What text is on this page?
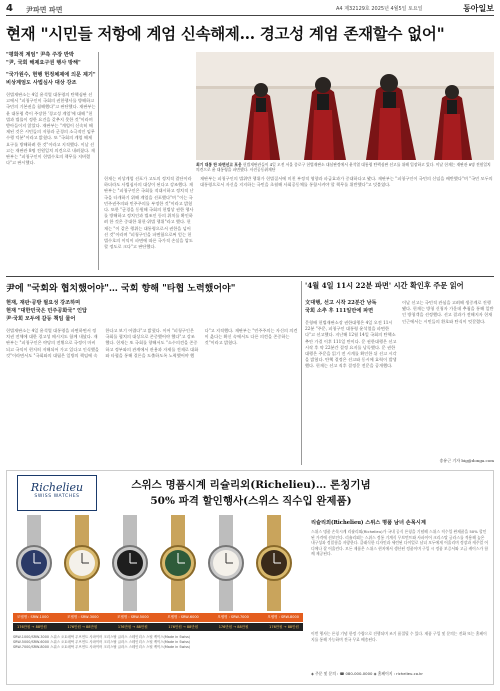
4 尹파면 파면	A4 제32129호 2025년 4월5일 토요일	동아일보
현재 "시민들 저항에 계엄 신속해제… 경고성 계엄 존재할수 없어"
"평화적 계엄" 尹측 주장 반박
"尹, 국회 해제요구권 행사 방해"
"국가원수, 현행 헌정체제에 의문 제기"
비상계엄도 사법심사 대상 강조
헌법재판소는 4일 윤석열 대통령의 탄핵심판 선고에서 "피청구인이 국회의 권한행사를 방해하고 국민의 기본권을 침해했다"고 판단했다. 재판부는 윤 대통령 측이 주장한 '경고성 계엄'에 대해 "헌법과 법률이 정한 요건을 갖추지 못한 것"이라며 받아들이지 않았다. 재판부는 "계엄이 신속히 해제된 것은 시민들의 저항과 군경의 소극적인 임무 수행 덕분"이라고 밝혔다. 또 "국회의 계엄 해제 요구를 방해하려 한 것"이라고 지적했다. 이날 선고는 재판관 8명 전원일치 의견으로 내려졌다. 재판부는 "피청구인이 헌법수호의 책무를 저버렸다"고 판시했다.	최기 대통 탄 파면선고 포옹 헌법재판관들이 4일 오전 서울 종로구 헌법재판소 대심판정에서 윤석열 대통령 탄핵심판 선고를 위해 입장하고 있다. 이날 헌재는 재판관 8명 전원일치 의견으로 윤 대통령을 파면했다. 사진공동취재단
헌재는 비상계엄 선포가 고도의 정치적 결단이라 하더라도 사법심사의 대상이 된다고 강조했다. 재판부는 "피청구인은 국회를 적대시하고 정치적 난국을 타개하기 위해 계엄을 선포했다"며 "이는 국민주권주의와 민주주의를 부정한 것"이라고 밝혔다. 또한 "군경을 동원해 국회의 헌법상 권한 행사를 방해하고 정치인과 법조인 등의 위치를 확인하려 한 것은 중대한 위헌·위법 행위"라고 했다. 헌재는 "이 같은 행위는 대통령으로서 권한을 넘어선 것"이라며 "피청구인을 파면함으로써 얻는 헌법수호의 이익이 파면에 따른 국가적 손실을 압도할 정도로 크다"고 판단했다.
재판부는 피청구인의 법위반 행위가 헌법질서에 미친 부정적 영향과 파급효과가 중대하다고 봤다. 재판부는 "피청구인이 국민의 신임을 배반했다"며 "국민 모두의 대통령으로서 자신을 지지하는 국민을 초월해 사회공동체를 통합시켜야 할 책무를 위반했다"고 덧붙였다.
尹에 "국회와 협치했어야"… 국회 향해 "타협 노력했어야"
현재, 재판·공방 필요성 강조하며
현재 "대한민국은 민주공화국" 인답
尹·국회 모두에 갈등 책임 물어
헌법재판소는 4일 윤석열 대통령을 파면하면서 정치권 전체에 대한 경고성 메시지도 함께 내놨다. 재판부는 "피청구인은 야당의 전횡으로 국정이 마비되고 국익이 현저히 저해되어 가고 있다고 인식했을 것"이라면서도 "국회와의 대립은 일방의 책임에 속한다고 보기 어렵다"고 밝혔다. 이어 "피청구인은 국회를 협치의 대상으로 존중했어야 했다"고 강조했다. 헌재는 또 국회를 향해서도 "소수의견을 존중하고 정부와의 관계에서 관용과 자제를 전제로 대화와 타협을 통해 결론을 도출하도록 노력했어야 했다"고 지적했다. 재판부는 "민주주의는 자신의 의견이 옳다는 확신 속에서도 다른 의견을 존중하는 것"이라고 밝혔다.
'4월 4일 11시 22분 파면' 시간 확인후 주문 읽어
文대행, 선고 시작 22분간 낭독
국회 소추 후 111일만에 파면
문형배 헌법재판소장 권한대행은 4일 오전 11시 22분 "주문, 피청구인 대통령 윤석열을 파면한다"고 선고했다. 지난해 12월 14일 국회의 탄핵소추안 가결 이후 111일 만이다. 문 권한대행은 선고 시작 후 약 22분간 결정 요지를 낭독했다. 문 권한대행은 주문을 읽기 전 시계를 확인한 뒤 선고 시각을 밝혔다. 탄핵 결정은 선고와 동시에 효력이 발생했다. 헌재는 선고 직후 결정문 전문을 공개했다.
이날 선고는 국민적 관심을 고려해 생중계로 진행됐다. 헌재는 방청 신청자 가운데 추첨을 통해 일반인 방청객을 선정했다. 선고 결과가 전해지자 헌재 인근에서는 시민들의 환호와 탄식이 엇갈렸다.
송유근 기자 big@donga.com
스위스 명품시계 리슐리외(Richelieu)… 론칭기념
50% 파격 할인행사(스위스 직수입 완제품)
Richelieu
SWISS WATCHES
모델명 : SRW-1000	모델명 : SRW-3000	모델명 : SRW-5000	모델명 : SRW-6000	모델명 : SRW-7000	모델명 : SRW-8000
176만원 → 88만원	176만원 → 88만원	176만원 → 88만원	176만원 → 88만원	176만원 → 88만원	176만원 → 88만원
SRW-1000/SRW-3000 스위스 오토매틱 무브먼트 사파이어 크리스탈 글라스 스테인리스 스틸 케이스(Made in Swiss)
SRW-5000/SRW-6000 스위스 오토매틱 무브먼트 사파이어 크리스탈 글라스 스테인리스 스틸 케이스(Made in Swiss)
SRW-7000/SRW-8000 스위스 오토매틱 무브먼트 사파이어 크리스탈 글라스 스테인리스 스틸 케이스(Made in Swiss)
리슐리외(Richelieu) 스위스 명품 남녀 손목시계
스위스 명품 손목시계 리슐리외(Richelieu)가 국내 공식 론칭을 기념해 스위스 직수입 완제품을 50% 할인된 가격에 선보인다. 리슐리외는 스위스 정통 기계식 무브먼트와 사파이어 크리스탈 글라스를 적용해 높은 내구성과 정밀함을 자랑한다. 클래식한 디자인과 세련된 다이얼로 남녀 모두에게 어울리며 정장과 캐주얼 어디에나 잘 어울린다. 모든 제품은 스위스 현지에서 생산된 정품이며 구입 시 정품 보증서와 고급 케이스가 함께 제공된다.
이번 행사는 론칭 기념 한정 수량으로 진행되며 조기 품절될 수 있다. 제품 구입 및 문의는 전화 또는 홈페이지를 통해 가능하며 전국 무료 배송된다.
◈ 주문 및 문의 : ☎ 080-000-0000 ◈ 홈페이지 : richelieu.co.kr
